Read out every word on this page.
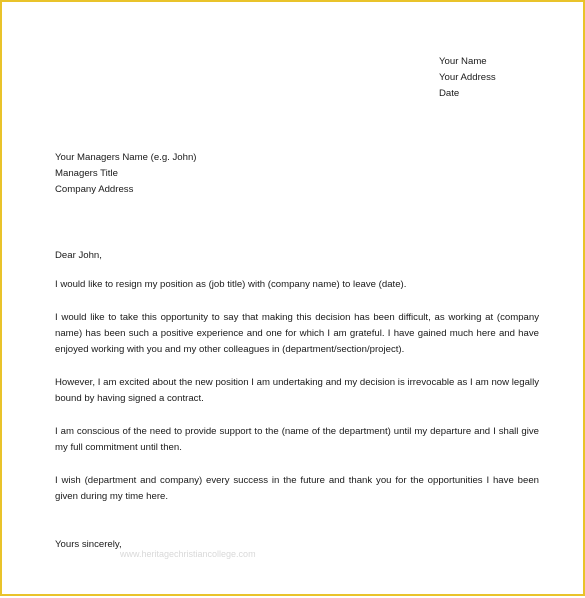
Your Name
Your Address
Date
Your Managers Name (e.g. John)
Managers Title
Company Address

Dear John,

I would like to resign my position as (job title) with (company name) to leave (date).

I would like to take this opportunity to say that making this decision has been difficult, as working at (company name) has been such a positive experience and one for which I am grateful. I have gained much here and have enjoyed working with you and my other colleagues in (department/section/project).

However, I am excited about the new position I am undertaking and my decision is irrevocable as I am now legally bound by having signed a contract.

I am conscious of the need to provide support to the (name of the department) until my departure and I shall give my full commitment until then.

I wish (department and company) every success in the future and thank you for the opportunities I have been given during my time here.

Yours sincerely,
www.heritagechristiancollege.com
